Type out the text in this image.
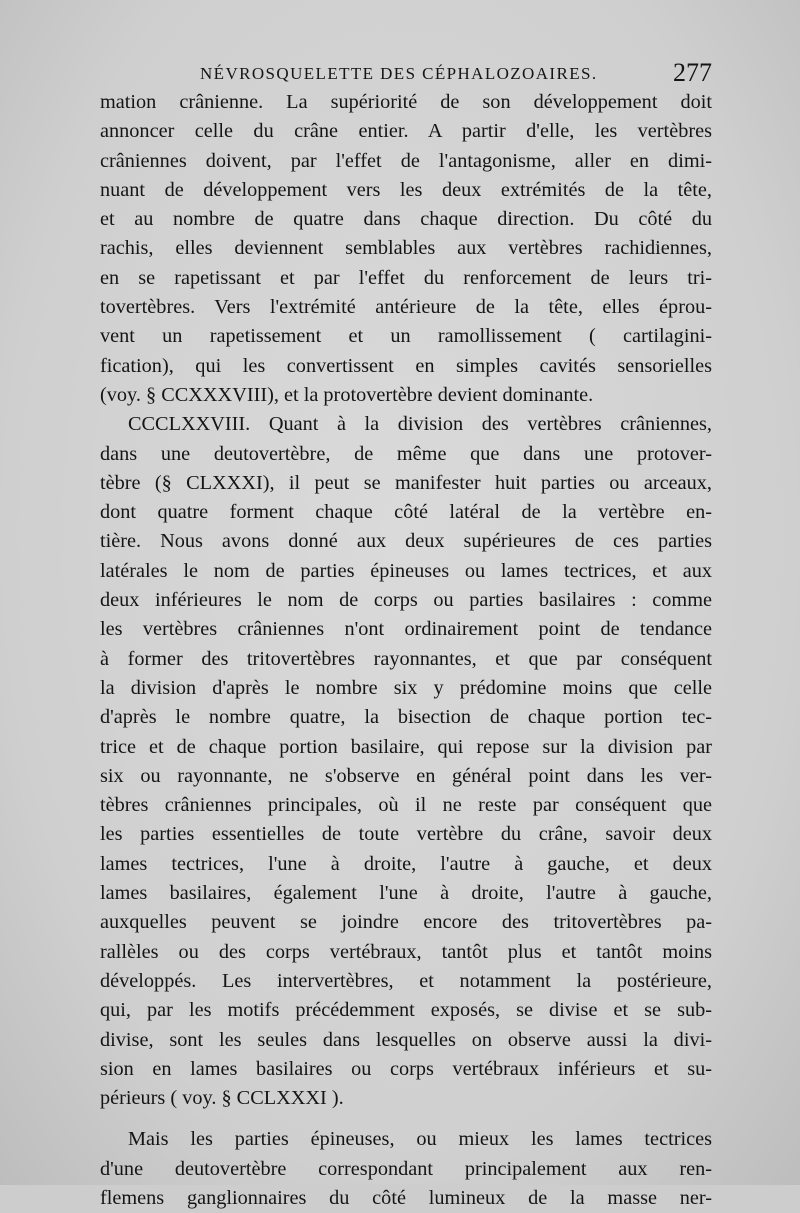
NÉVROSQUELETTE DES CÉPHALOZOAIRES.	277
mation crânienne. La supériorité de son développement doit
annoncer celle du crâne entier. A partir d'elle, les vertèbres
crâniennes doivent, par l'effet de l'antagonisme, aller en dimi-
nuant de développement vers les deux extrémités de la tête,
et au nombre de quatre dans chaque direction. Du côté du
rachis, elles deviennent semblables aux vertèbres rachidiennes,
en se rapetissant et par l'effet du renforcement de leurs tri-
tovertèbres. Vers l'extrémité antérieure de la tête, elles éprou-
vent un rapetissement et un ramollissement ( cartilagini-
fication), qui les convertissent en simples cavités sensorielles
(voy. § CCXXXVIII), et la protovertèbre devient dominante.
CCCLXXVIII. Quant à la division des vertèbres crâniennes,
dans une deutovertèbre, de même que dans une protover-
tèbre (§ CLXXXI), il peut se manifester huit parties ou arceaux,
dont quatre forment chaque côté latéral de la vertèbre en-
tière. Nous avons donné aux deux supérieures de ces parties
latérales le nom de parties épineuses ou lames tectrices, et aux
deux inférieures le nom de corps ou parties basilaires : comme
les vertèbres crâniennes n'ont ordinairement point de tendance
à former des tritovertèbres rayonnantes, et que par conséquent
la division d'après le nombre six y prédomine moins que celle
d'après le nombre quatre, la bisection de chaque portion tec-
trice et de chaque portion basilaire, qui repose sur la division par
six ou rayonnante, ne s'observe en général point dans les ver-
tèbres crâniennes principales, où il ne reste par conséquent que
les parties essentielles de toute vertèbre du crâne, savoir deux
lames tectrices, l'une à droite, l'autre à gauche, et deux
lames basilaires, également l'une à droite, l'autre à gauche,
auxquelles peuvent se joindre encore des tritovertèbres pa-
rallèles ou des corps vertébraux, tantôt plus et tantôt moins
développés. Les intervertèbres, et notamment la postérieure,
qui, par les motifs précédemment exposés, se divise et se sub-
divise, sont les seules dans lesquelles on observe aussi la divi-
sion en lames basilaires ou corps vertébraux inférieurs et su-
périeurs ( voy. § CCLXXXI ).
Mais les parties épineuses, ou mieux les lames tectrices
d'une deutovertèbre correspondant principalement aux ren-
flemens ganglionnaires du côté lumineux de la masse ner-
